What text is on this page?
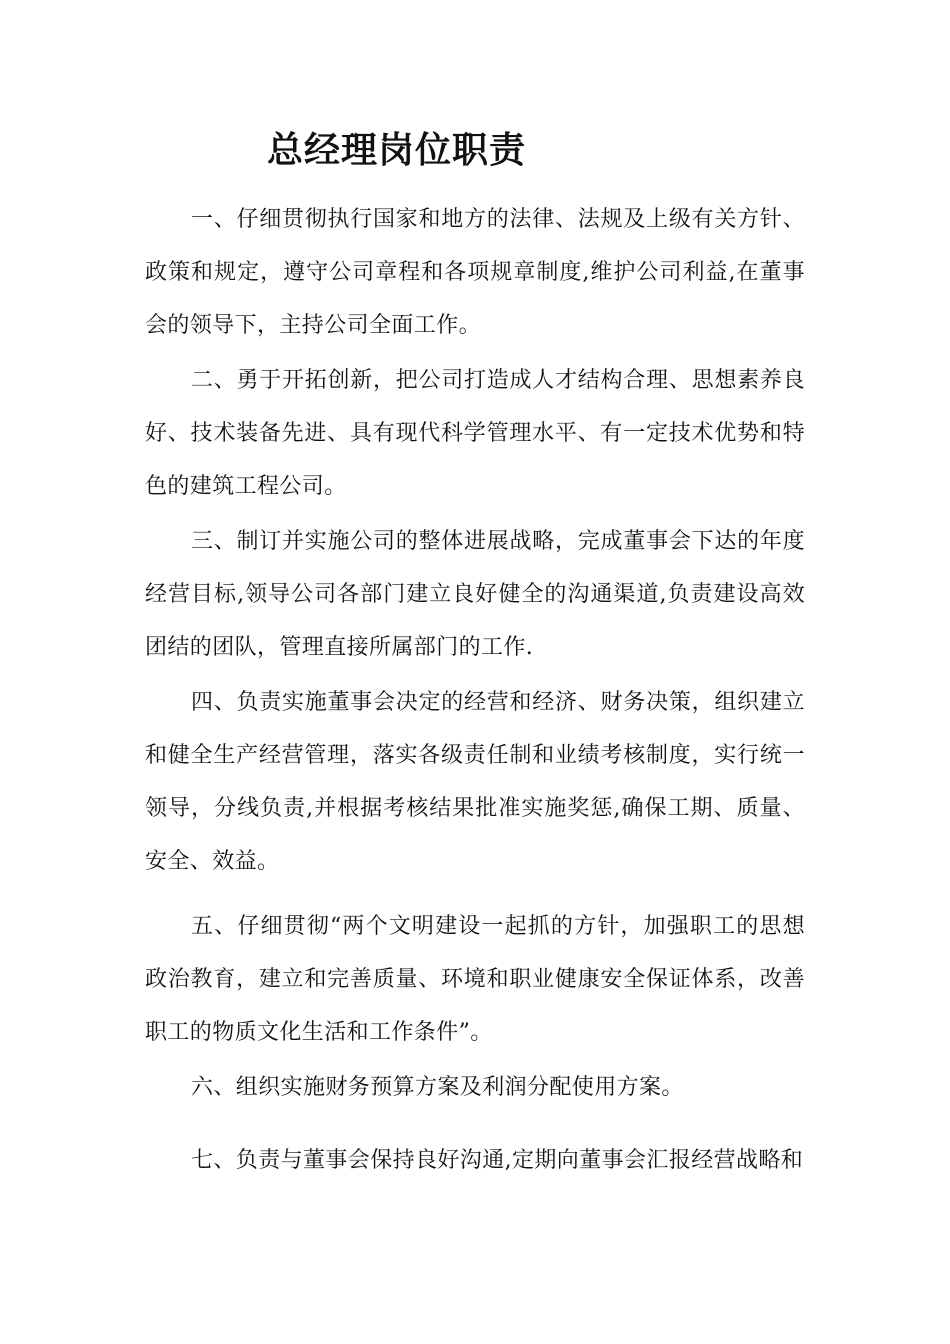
总经理岗位职责

一、仔细贯彻执行国家和地方的法律、法规及上级有关方针、政策和规定，遵守公司章程和各项规章制度,维护公司利益,在董事会的领导下，主持公司全面工作。

二、勇于开拓创新，把公司打造成人才结构合理、思想素养良好、技术装备先进、具有现代科学管理水平、有一定技术优势和特色的建筑工程公司。

三、制订并实施公司的整体进展战略，完成董事会下达的年度经营目标,领导公司各部门建立良好健全的沟通渠道,负责建设高效团结的团队，管理直接所属部门的工作.

四、负责实施董事会决定的经营和经济、财务决策，组织建立和健全生产经营管理，落实各级责任制和业绩考核制度，实行统一领导，分线负责,并根据考核结果批准实施奖惩,确保工期、质量、安全、效益。

五、仔细贯彻“两个文明建设一起抓的方针，加强职工的思想政治教育，建立和完善质量、环境和职业健康安全保证体系，改善职工的物质文化生活和工作条件”。

六、组织实施财务预算方案及利润分配使用方案。

七、负责与董事会保持良好沟通,定期向董事会汇报经营战略和
